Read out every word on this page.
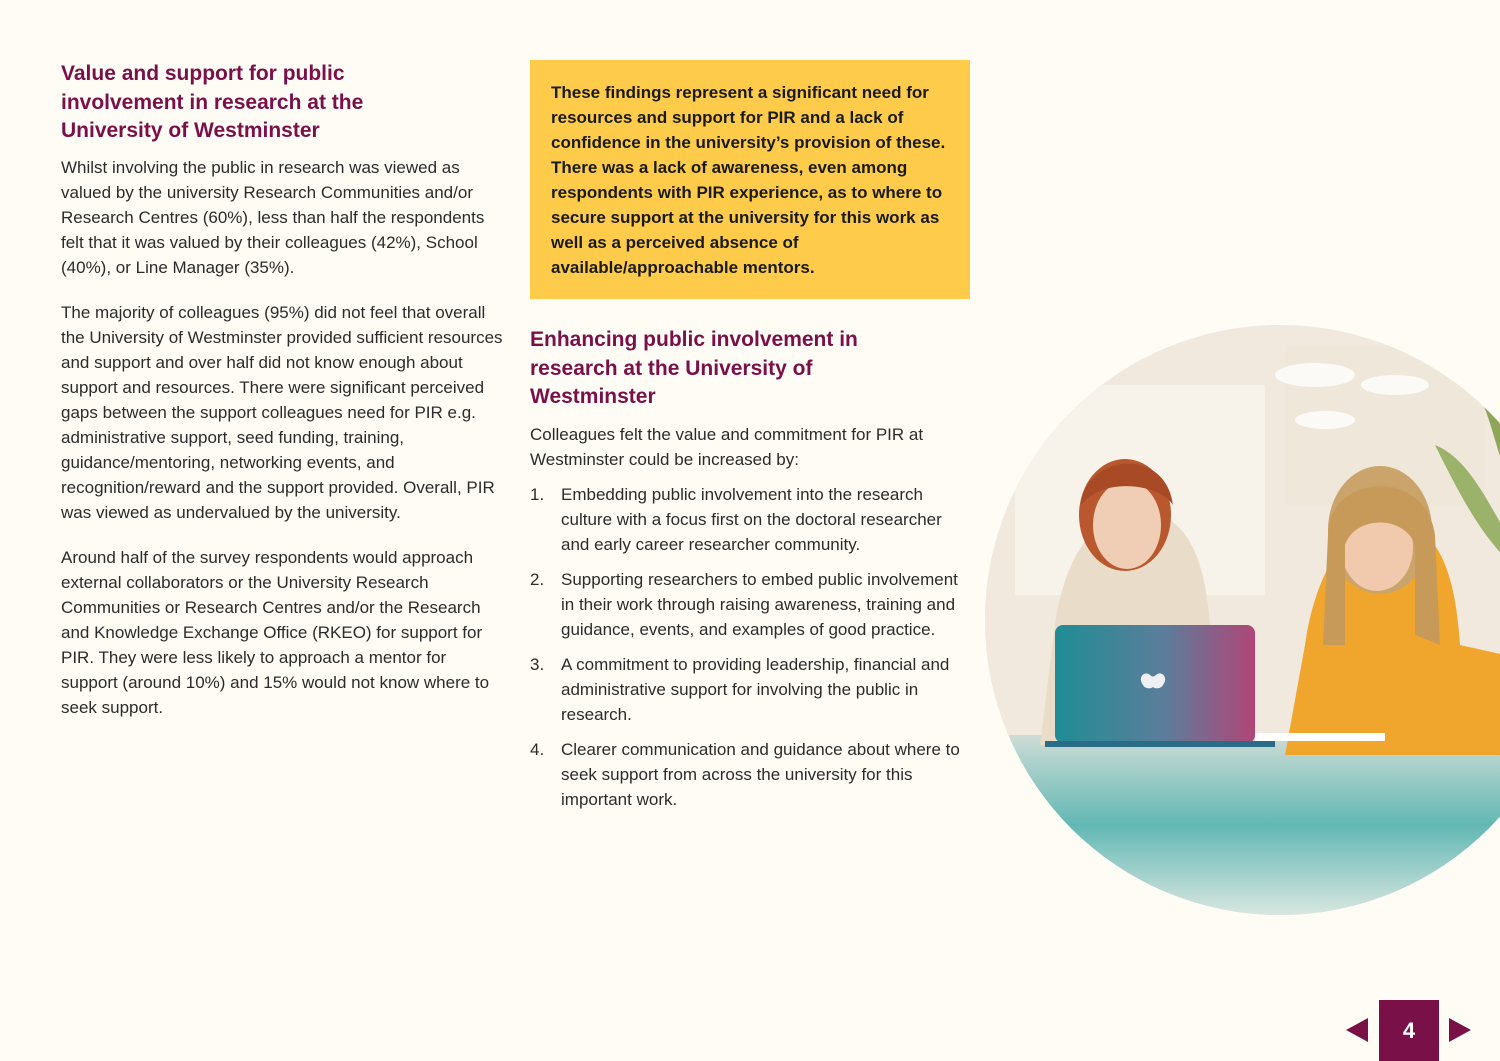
Value and support for public involvement in research at the University of Westminster

Whilst involving the public in research was viewed as valued by the university Research Communities and/or Research Centres (60%), less than half the respondents felt that it was valued by their colleagues (42%), School (40%), or Line Manager (35%).

The majority of colleagues (95%) did not feel that overall the University of Westminster provided sufficient resources and support and over half did not know enough about support and resources. There were significant perceived gaps between the support colleagues need for PIR e.g. administrative support, seed funding, training, guidance/mentoring, networking events, and recognition/reward and the support provided. Overall, PIR was viewed as undervalued by the university.

Around half of the survey respondents would approach external collaborators or the University Research Communities or Research Centres and/or the Research and Knowledge Exchange Office (RKEO) for support for PIR. They were less likely to approach a mentor for support (around 10%) and 15% would not know where to seek support.

These findings represent a significant need for resources and support for PIR and a lack of confidence in the university’s provision of these. There was a lack of awareness, even among respondents with PIR experience, as to where to secure support at the university for this work as well as a perceived absence of available/approachable mentors.
Enhancing public involvement in research at the University of Westminster

Colleagues felt the value and commitment for PIR at Westminster could be increased by:

1. Embedding public involvement into the research culture with a focus first on the doctoral researcher and early career researcher community.
2. Supporting researchers to embed public involvement in their work through raising awareness, training and guidance, events, and examples of good practice.
3. A commitment to providing leadership, financial and administrative support for involving the public in research.
4. Clearer communication and guidance about where to seek support from across the university for this important work.
4
